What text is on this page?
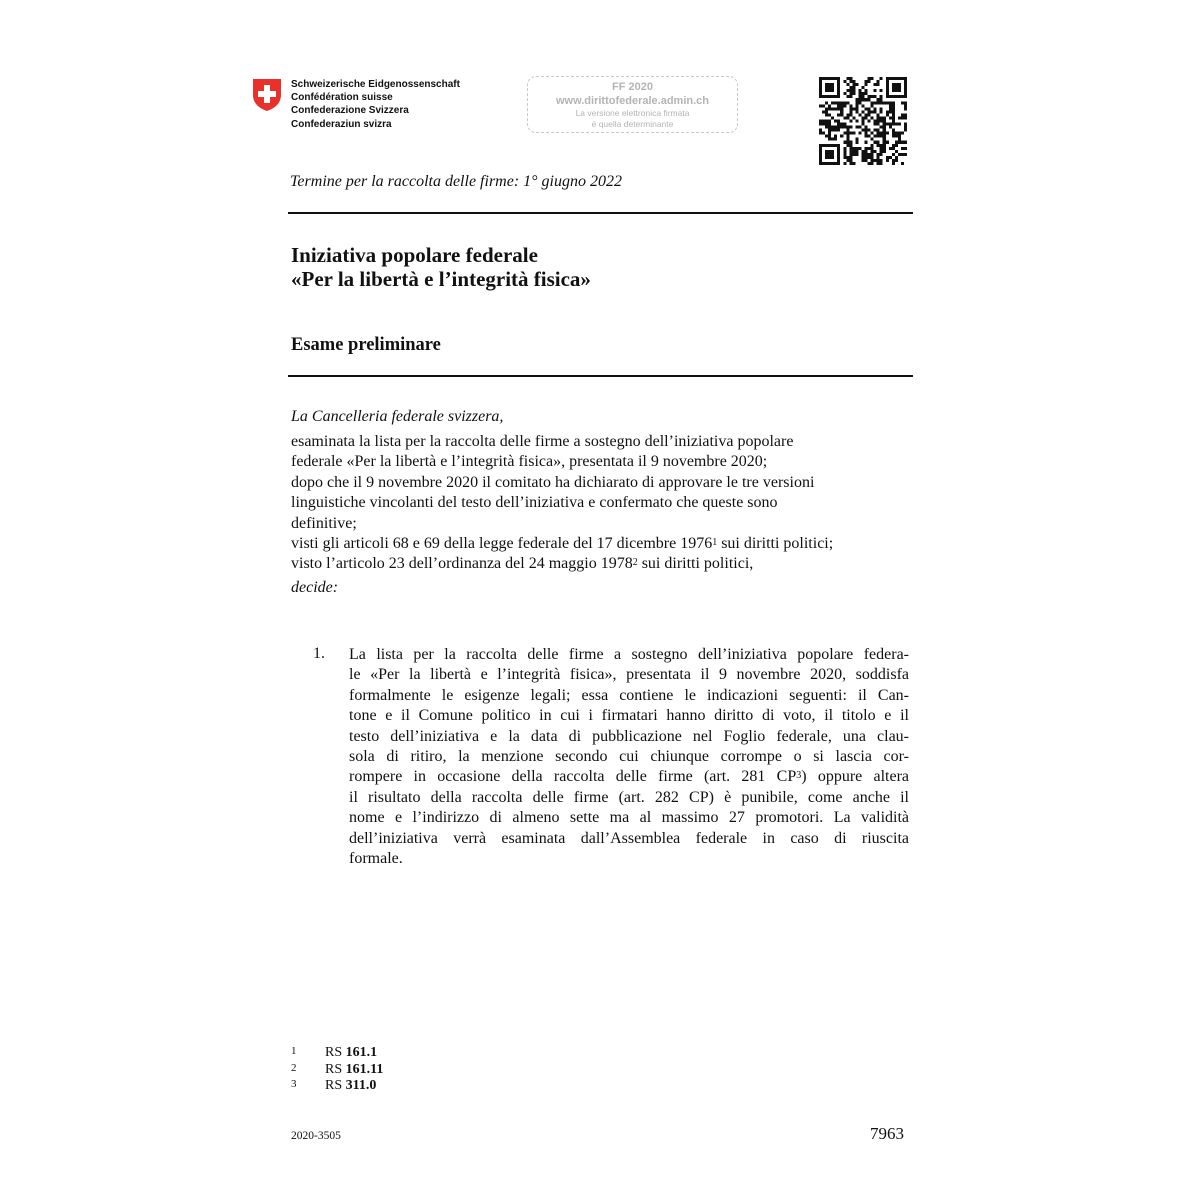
Schweizerische Eidgenossenschaft
Confédération suisse
Confederazione Svizzera
Confederaziun svizra
FF 2020
www.dirittofederale.admin.ch
La versione elettronica firmata
è quella determinante
Termine per la raccolta delle firme: 1° giugno 2022
Iniziativa popolare federale
«Per la libertà e l’integrità fisica»
Esame preliminare
La Cancelleria federale svizzera,
esaminata la lista per la raccolta delle firme a sostegno dell’iniziativa popolare
federale «Per la libertà e l’integrità fisica», presentata il 9 novembre 2020;
dopo che il 9 novembre 2020 il comitato ha dichiarato di approvare le tre versioni
linguistiche vincolanti del testo dell’iniziativa e confermato che queste sono
definitive;
visti gli articoli 68 e 69 della legge federale del 17 dicembre 1976$^1$ sui diritti politici;
visto l’articolo 23 dell’ordinanza del 24 maggio 1978$^2$ sui diritti politici,
decide:
1. La lista per la raccolta delle firme a sostegno dell’iniziativa popolare federa-
le «Per la libertà e l’integrità fisica», presentata il 9 novembre 2020, soddisfa
formalmente le esigenze legali; essa contiene le indicazioni seguenti: il Can-
tone e il Comune politico in cui i firmatari hanno diritto di voto, il titolo e il
testo dell’iniziativa e la data di pubblicazione nel Foglio federale, una clau-
sola di ritiro, la menzione secondo cui chiunque corrompe o si lascia cor-
rompere in occasione della raccolta delle firme (art. 281 $CP^3$) oppure altera
il risultato della raccolta delle firme (art. 282 CP) è punibile, come anche il
nome e l’indirizzo di almeno sette ma al massimo 27 promotori. La validità
dell’iniziativa verrà esaminata dall’Assemblea federale in caso di riuscita
formale.
1 RS 161.1
2 RS 161.11
3 RS 311.0
2020-3505	7963
